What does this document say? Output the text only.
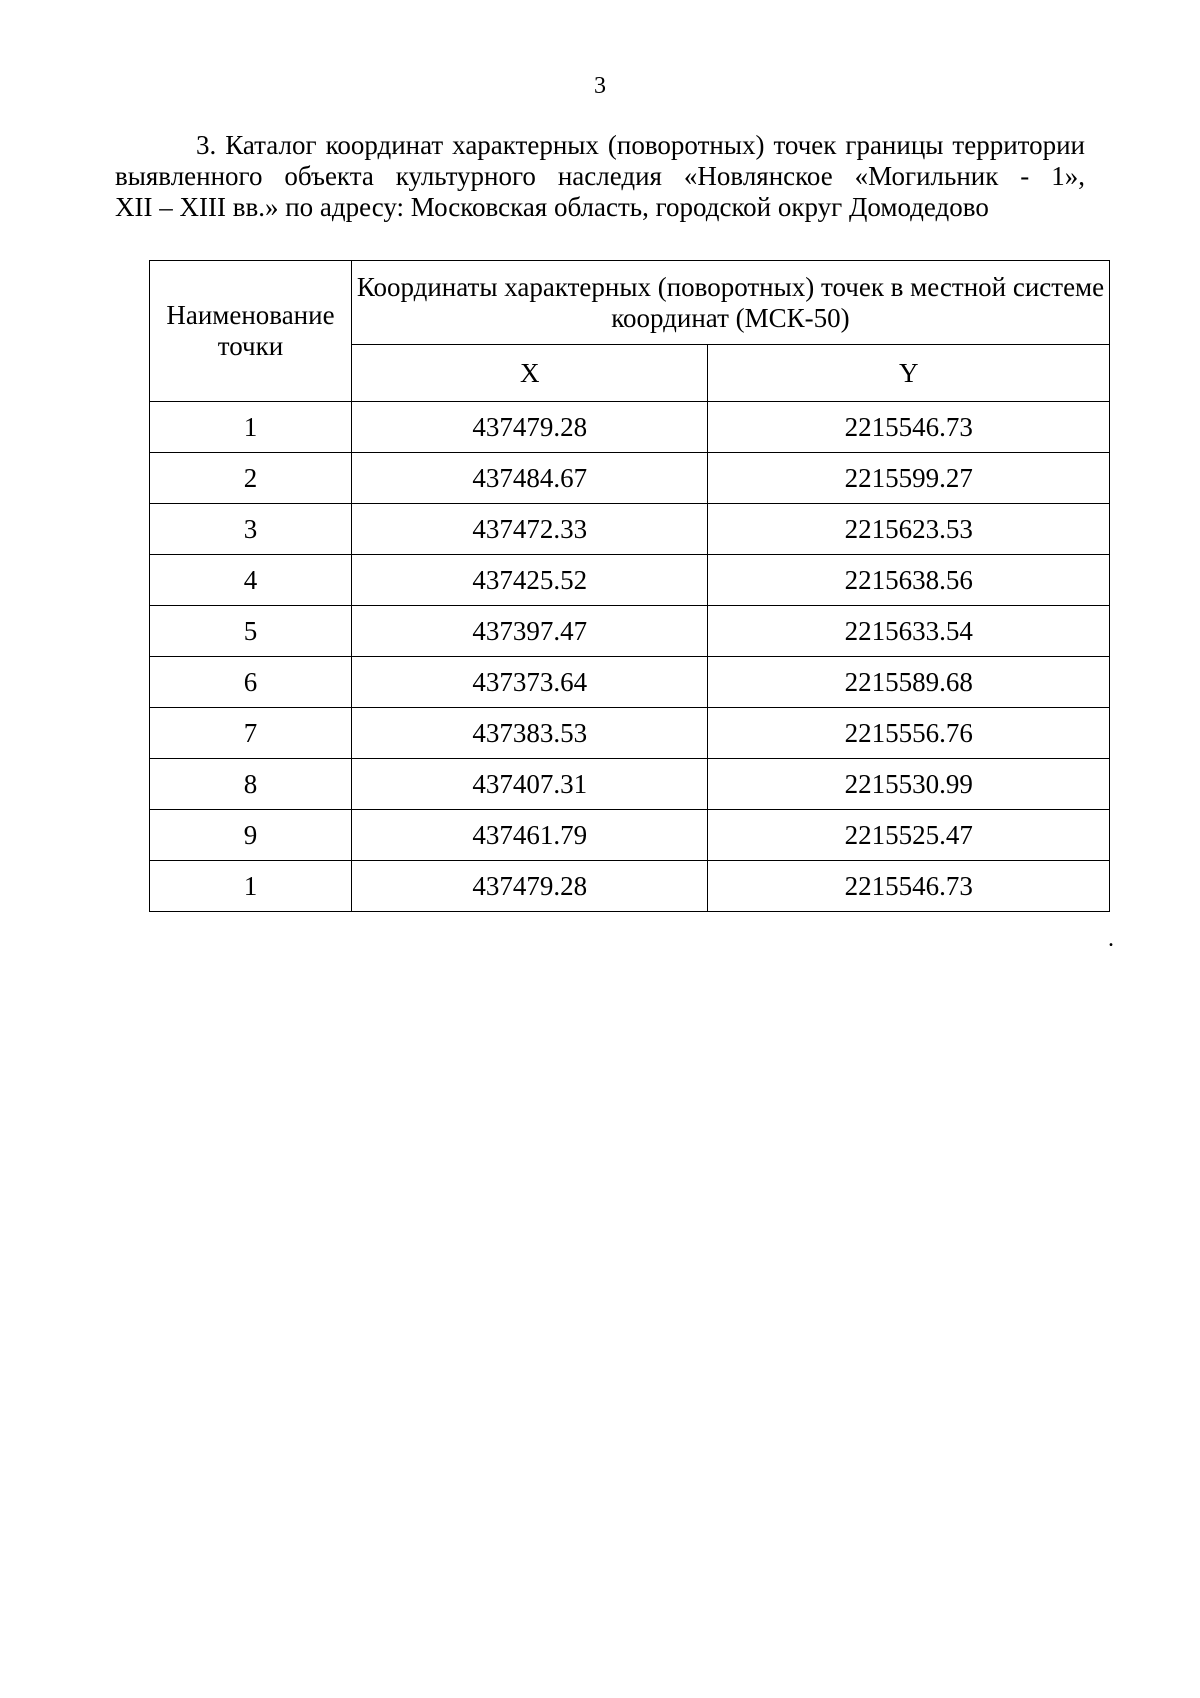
3

3. Каталог координат характерных (поворотных) точек границы территории
выявленного объекта культурного наследия «Новлянское «Могильник - 1»,
XII – XIII вв.» по адресу: Московская область, городской округ Домодедово

Наименование точки	Координаты характерных (поворотных) точек в местной системе координат (МСК-50)	
	X	Y
1	437479.28	2215546.73
2	437484.67	2215599.27
3	437472.33	2215623.53
4	437425.52	2215638.56
5	437397.47	2215633.54
6	437373.64	2215589.68
7	437383.53	2215556.76
8	437407.31	2215530.99
9	437461.79	2215525.47
1	437479.28	2215546.73
.
